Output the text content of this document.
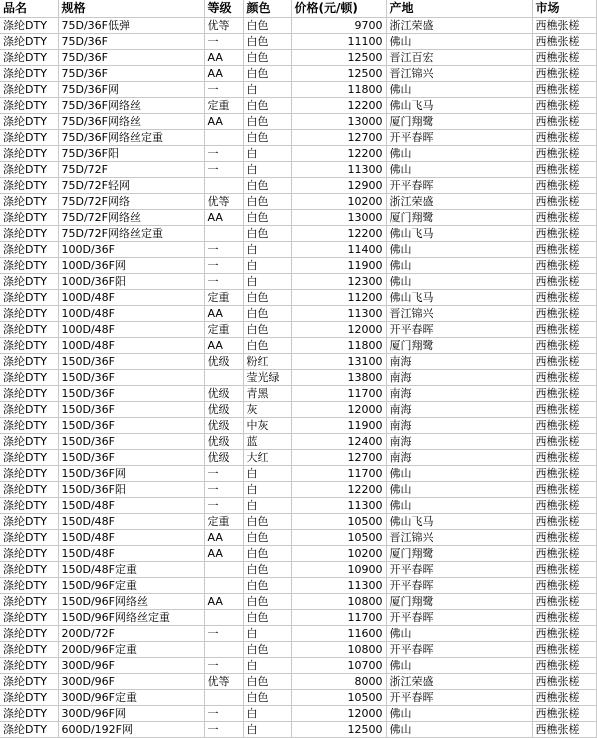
品名	规格	等级	颜色	价格(元/顿)	产地	市场
涤纶DTY	75D/36F低弹	优等	白色	9700	浙江荣盛	西樵张槎
涤纶DTY	75D/36F	一	白色	11100	佛山	西樵张槎
涤纶DTY	75D/36F	AA	白色	12500	晋江百宏	西樵张槎
涤纶DTY	75D/36F	AA	白色	12500	晋江锦兴	西樵张槎
涤纶DTY	75D/36F网	一	白	11800	佛山	西樵张槎
涤纶DTY	75D/36F网络丝	定重	白色	12200	佛山飞马	西樵张槎
涤纶DTY	75D/36F网络丝	AA	白色	13000	厦门翔鹭	西樵张槎
涤纶DTY	75D/36F网络丝定重		白色	12700	开平春晖	西樵张槎
涤纶DTY	75D/36F阳	一	白	12200	佛山	西樵张槎
涤纶DTY	75D/72F	一	白	11300	佛山	西樵张槎
涤纶DTY	75D/72F轻网		白色	12900	开平春晖	西樵张槎
涤纶DTY	75D/72F网络	优等	白色	10200	浙江荣盛	西樵张槎
涤纶DTY	75D/72F网络丝	AA	白色	13000	厦门翔鹭	西樵张槎
涤纶DTY	75D/72F网络丝定重		白色	12200	佛山飞马	西樵张槎
涤纶DTY	100D/36F	一	白	11400	佛山	西樵张槎
涤纶DTY	100D/36F网	一	白	11900	佛山	西樵张槎
涤纶DTY	100D/36F阳	一	白	12300	佛山	西樵张槎
涤纶DTY	100D/48F	定重	白色	11200	佛山飞马	西樵张槎
涤纶DTY	100D/48F	AA	白色	11300	晋江锦兴	西樵张槎
涤纶DTY	100D/48F	定重	白色	12000	开平春晖	西樵张槎
涤纶DTY	100D/48F	AA	白色	11800	厦门翔鹭	西樵张槎
涤纶DTY	150D/36F	优级	粉红	13100	南海	西樵张槎
涤纶DTY	150D/36F		莹光绿	13800	南海	西樵张槎
涤纶DTY	150D/36F	优级	青黑	11700	南海	西樵张槎
涤纶DTY	150D/36F	优级	灰	12000	南海	西樵张槎
涤纶DTY	150D/36F	优级	中灰	11900	南海	西樵张槎
涤纶DTY	150D/36F	优级	蓝	12400	南海	西樵张槎
涤纶DTY	150D/36F	优级	大红	12700	南海	西樵张槎
涤纶DTY	150D/36F网	一	白	11700	佛山	西樵张槎
涤纶DTY	150D/36F阳	一	白	12200	佛山	西樵张槎
涤纶DTY	150D/48F	一	白	11300	佛山	西樵张槎
涤纶DTY	150D/48F	定重	白色	10500	佛山飞马	西樵张槎
涤纶DTY	150D/48F	AA	白色	10500	晋江锦兴	西樵张槎
涤纶DTY	150D/48F	AA	白色	10200	厦门翔鹭	西樵张槎
涤纶DTY	150D/48F定重		白色	10900	开平春晖	西樵张槎
涤纶DTY	150D/96F定重		白色	11300	开平春晖	西樵张槎
涤纶DTY	150D/96F网络丝	AA	白色	10800	厦门翔鹭	西樵张槎
涤纶DTY	150D/96F网络丝定重		白色	11700	开平春晖	西樵张槎
涤纶DTY	200D/72F	一	白	11600	佛山	西樵张槎
涤纶DTY	200D/96F定重		白色	10800	开平春晖	西樵张槎
涤纶DTY	300D/96F	一	白	10700	佛山	西樵张槎
涤纶DTY	300D/96F	优等	白色	8000	浙江荣盛	西樵张槎
涤纶DTY	300D/96F定重		白色	10500	开平春晖	西樵张槎
涤纶DTY	300D/96F网	一	白	12000	佛山	西樵张槎
涤纶DTY	600D/192F网	一	白	12500	佛山	西樵张槎
